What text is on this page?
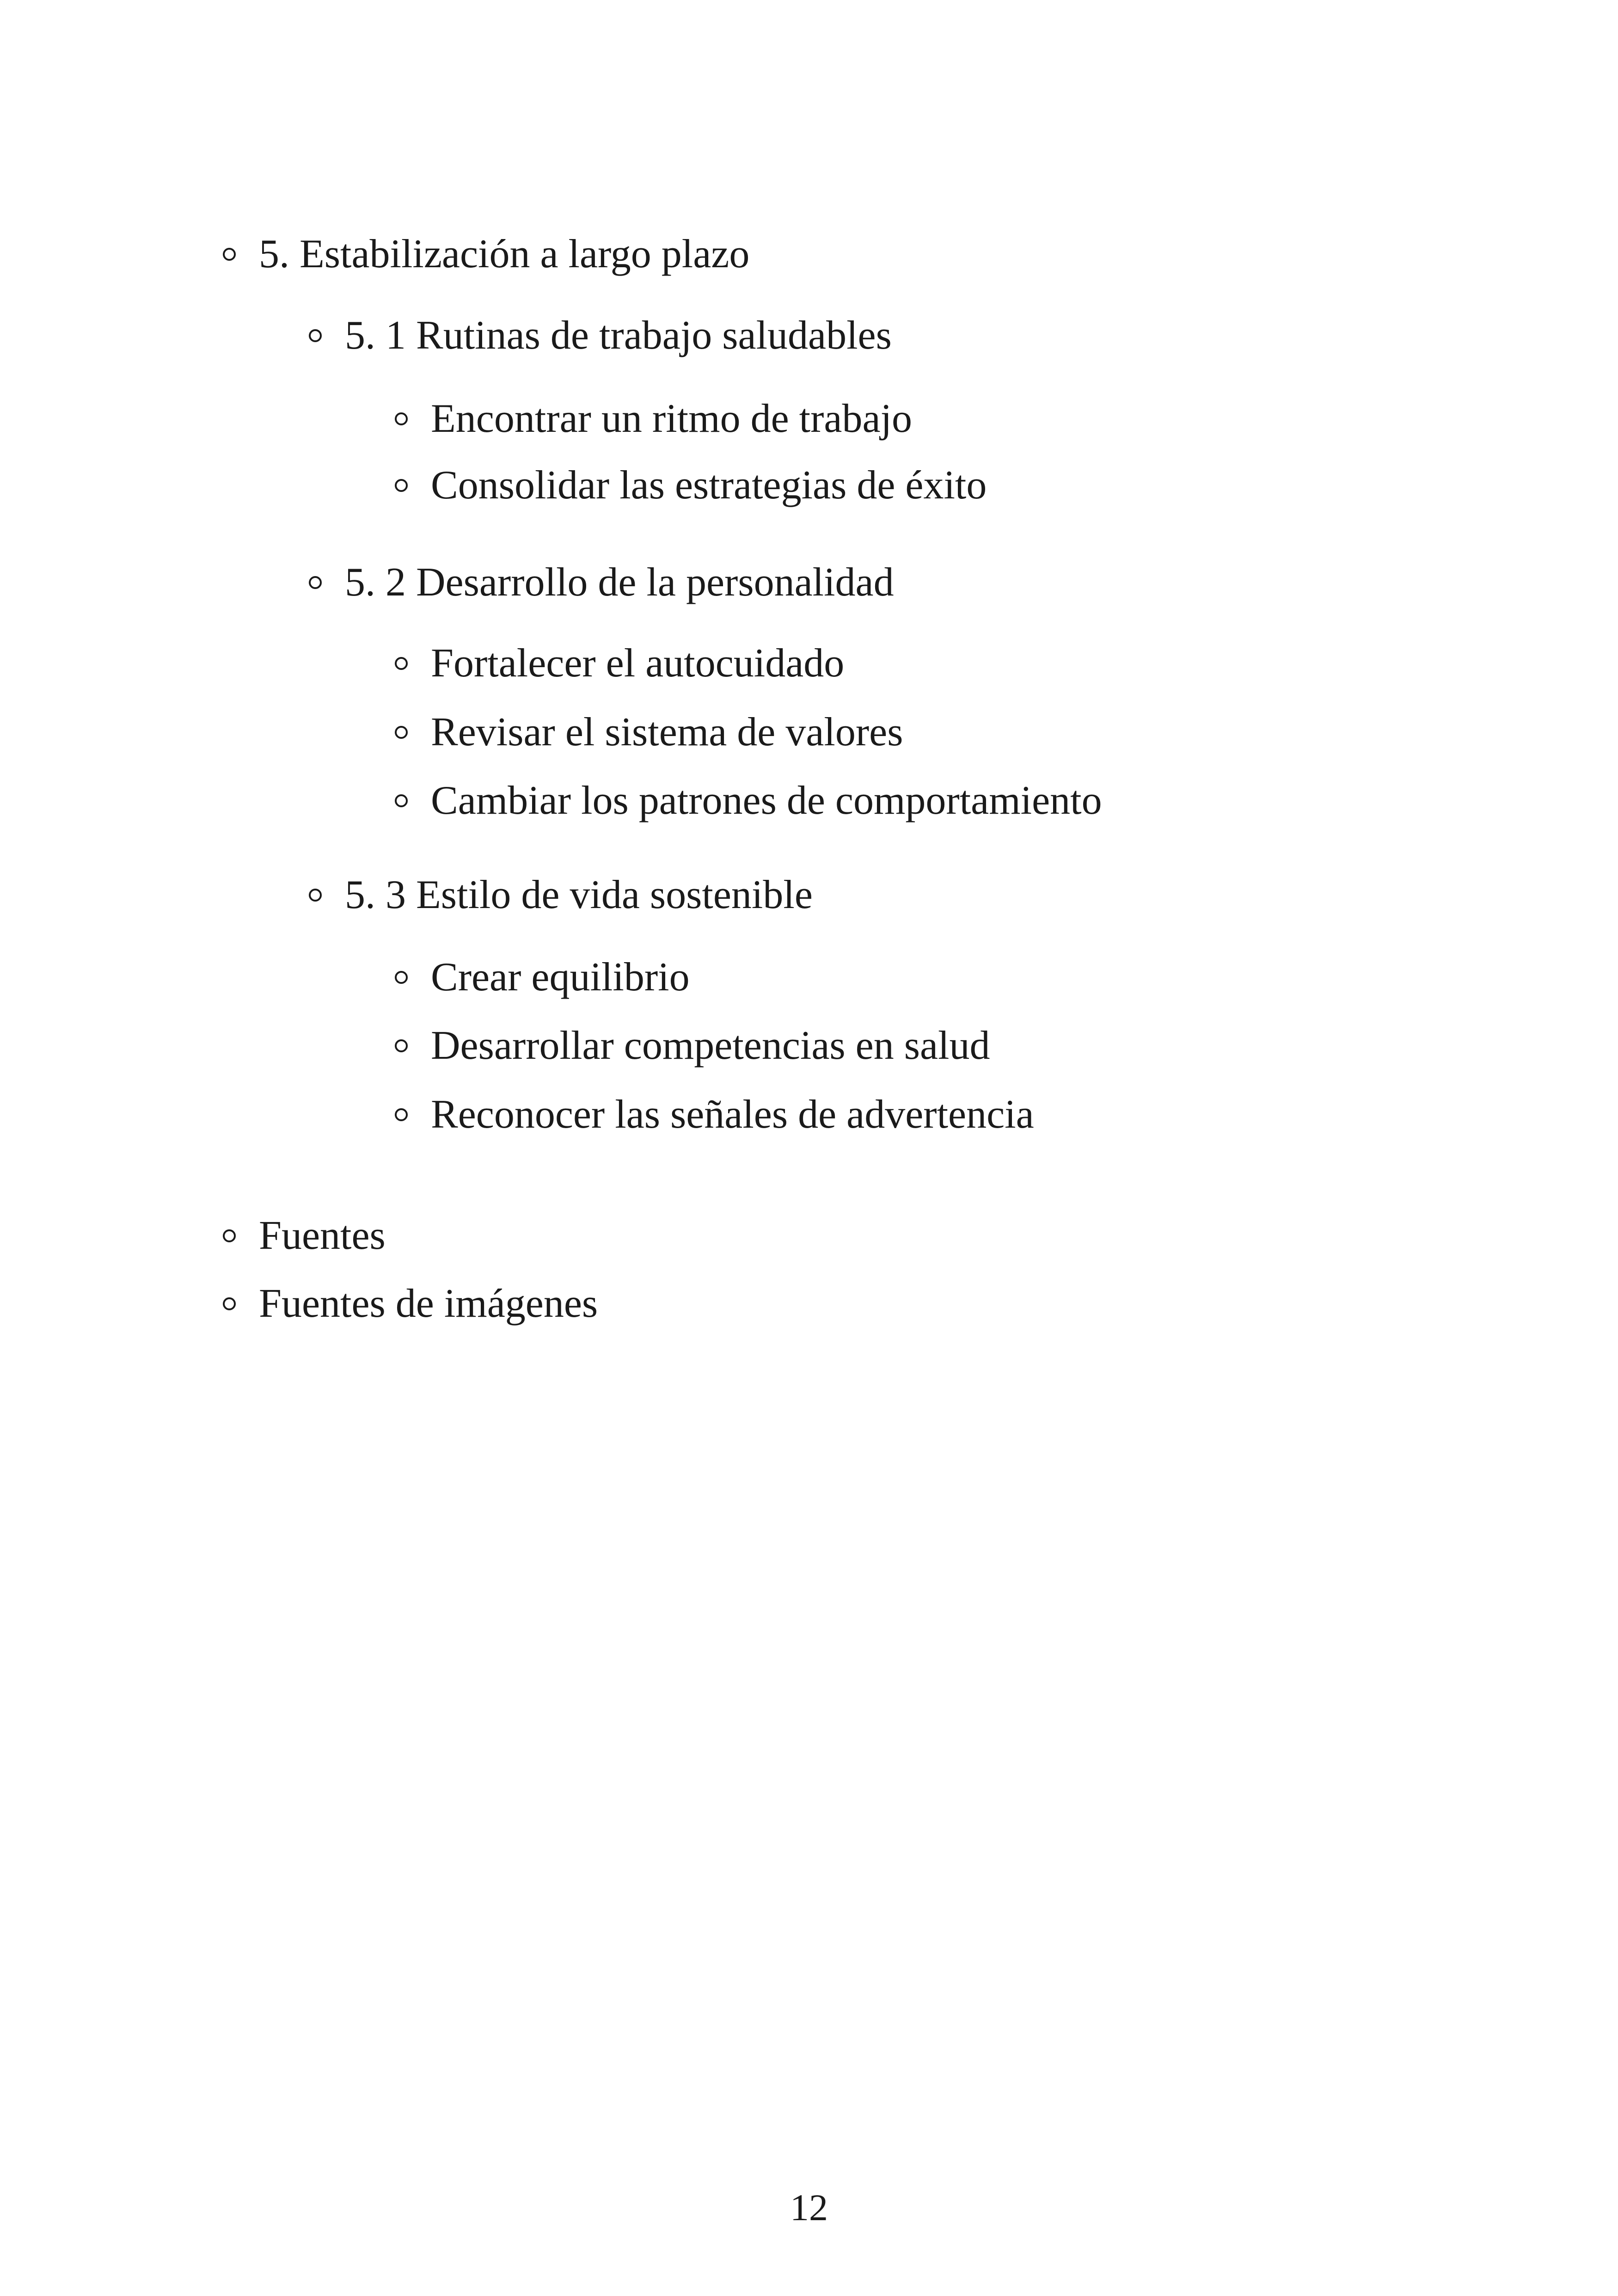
5. Estabilización a largo plazo
5. 1 Rutinas de trabajo saludables
Encontrar un ritmo de trabajo
Consolidar las estrategias de éxito
5. 2 Desarrollo de la personalidad
Fortalecer el autocuidado
Revisar el sistema de valores
Cambiar los patrones de comportamiento
5. 3 Estilo de vida sostenible
Crear equilibrio
Desarrollar competencias en salud
Reconocer las señales de advertencia
Fuentes
Fuentes de imágenes
12
